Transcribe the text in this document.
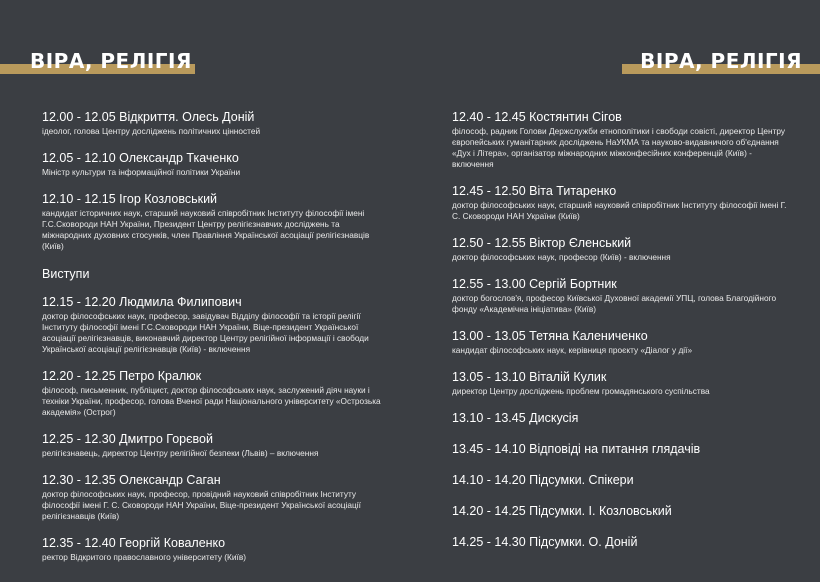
ВІРА, РЕЛІГІЯ
12.00 - 12.05 Відкриття. Олесь Доній
ідеолог, голова Центру досліджень політичних цінностей
12.05 - 12.10 Олександр Ткаченко
Міністр культури та інформаційної політики України
12.10 - 12.15 Ігор Козловський
кандидат історичних наук, старший науковий співробітник Інституту філософії імені Г.С.Сковороди НАН України, Президент Центру релігієзнавчих досліджень та міжнародних духовних стосунків, член Правління Української асоціації релігієзнавців (Київ)
Виступи
12.15 - 12.20 Людмила Филипович
доктор філософських наук, професор, завідувач Відділу філософії та історії релігії Інституту філософії імені Г.С.Сковороди НАН України, Віце-президент Української асоціації релігієзнавців, виконавчий директор Центру релігійної інформації і свободи Української асоціації релігієзнавців (Київ) - включення
12.20 - 12.25 Петро Кралюк
філософ, письменник, публіцист, доктор філософських наук, заслужений діяч науки і техніки України, професор, голова Вченої ради Національного університету «Острозька академія» (Острог)
12.25 - 12.30 Дмитро Горєвой
релігієзнавець, директор Центру релігійної безпеки (Львів) – включення
12.30 - 12.35 Олександр Саган
доктор філософських наук, професор, провідний науковий співробітник Інституту філософії імені Г. С. Сковороди НАН України, Віце-президент Української асоціації релігієзнавців (Київ)
12.35 - 12.40 Георгій Коваленко
ректор Відкритого православного університету (Київ)
ВІРА, РЕЛІГІЯ
12.40 - 12.45 Костянтин Сігов
філософ, радник Голови Держслужби етнополітики і свободи совісті, директор Центру європейських гуманітарних досліджень НаУКМА та науково-видавничого об'єднання «Дух і Літера», організатор міжнародних міжконфесійних конференцій (Київ) - включення
12.45 - 12.50 Віта Титаренко
доктор філософських наук, старший науковий співробітник Інституту філософії імені Г. С. Сковороди НАН України (Київ)
12.50 - 12.55 Віктор Єленський
доктор філософських наук, професор (Київ) - включення
12.55 - 13.00 Сергій Бортник
доктор богослов'я, професор Київської Духовної академії УПЦ, голова Благодійного фонду «Академічна ініціатива» (Київ)
13.00 - 13.05 Тетяна Калениченко
кандидат філософських наук, керівниця проєкту «Діалог у дії»
13.05 - 13.10 Віталій Кулик
директор Центру досліджень проблем громадянського суспільства
13.10 - 13.45 Дискусія
13.45 - 14.10 Відповіді на питання глядачів
14.10 - 14.20 Підсумки. Спікери
14.20 - 14.25 Підсумки. І. Козловський
14.25 - 14.30 Підсумки. О. Доній
